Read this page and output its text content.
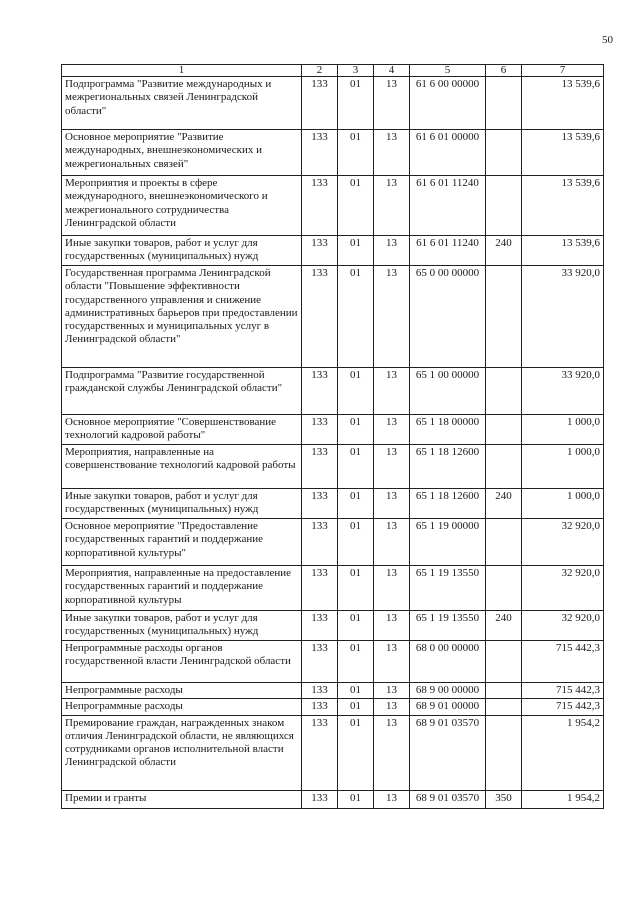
50
1	2	3	4	5	6	7
Подпрограмма "Развитие международных и межрегиональных связей Ленинградской области"	133	01	13	61 6 00 00000		13 539,6
Основное мероприятие "Развитие международных, внешнеэкономических и межрегиональных связей"	133	01	13	61 6 01 00000		13 539,6
Мероприятия и проекты в сфере международного, внешнеэкономического и межрегионального сотрудничества Ленинградской области	133	01	13	61 6 01 11240		13 539,6
Иные закупки товаров, работ и услуг для государственных (муниципальных) нужд	133	01	13	61 6 01 11240	240	13 539,6
Государственная программа Ленинградской области "Повышение эффективности государственного управления и снижение административных барьеров при предоставлении государственных и муниципальных услуг в Ленинградской области"	133	01	13	65 0 00 00000		33 920,0
Подпрограмма "Развитие государственной гражданской службы Ленинградской области"	133	01	13	65 1 00 00000		33 920,0
Основное мероприятие "Совершенствование технологий кадровой работы"	133	01	13	65 1 18 00000		1 000,0
Мероприятия, направленные на совершенствование технологий кадровой работы	133	01	13	65 1 18 12600		1 000,0
Иные закупки товаров, работ и услуг для государственных (муниципальных) нужд	133	01	13	65 1 18 12600	240	1 000,0
Основное мероприятие "Предоставление государственных гарантий и поддержание корпоративной культуры"	133	01	13	65 1 19 00000		32 920,0
Мероприятия, направленные на предоставление государственных гарантий и поддержание корпоративной культуры	133	01	13	65 1 19 13550		32 920,0
Иные закупки товаров, работ и услуг для государственных (муниципальных) нужд	133	01	13	65 1 19 13550	240	32 920,0
Непрограммные расходы органов государственной власти Ленинградской области	133	01	13	68 0 00 00000		715 442,3
Непрограммные расходы	133	01	13	68 9 00 00000		715 442,3
Непрограммные расходы	133	01	13	68 9 01 00000		715 442,3
Премирование граждан, награжденных знаком отличия Ленинградской области, не являющихся сотрудниками органов исполнительной власти Ленинградской области	133	01	13	68 9 01 03570		1 954,2
Премии и гранты	133	01	13	68 9 01 03570	350	1 954,2
